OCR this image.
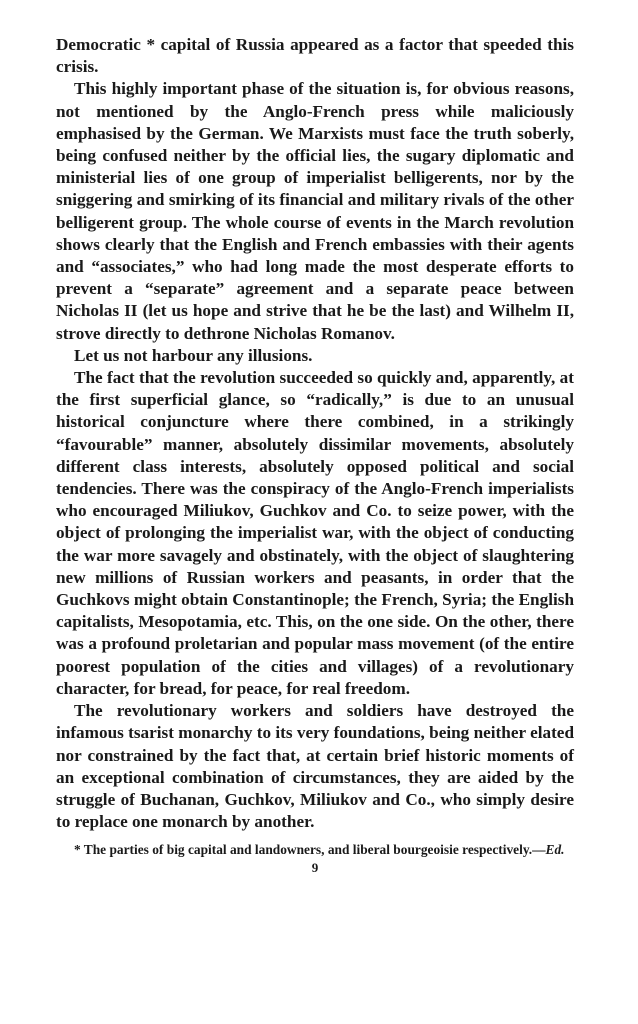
Democratic * capital of Russia appeared as a factor that speeded this crisis.

This highly important phase of the situation is, for obvious reasons, not mentioned by the Anglo-French press while maliciously emphasised by the German. We Marxists must face the truth soberly, being confused neither by the official lies, the sugary diplomatic and ministerial lies of one group of imperialist belligerents, nor by the sniggering and smirking of its financial and military rivals of the other belligerent group. The whole course of events in the March revolution shows clearly that the English and French embassies with their agents and “associates,” who had long made the most desperate efforts to prevent a “separate” agreement and a separate peace between Nicholas II (let us hope and strive that he be the last) and Wilhelm II, strove directly to dethrone Nicholas Romanov.

Let us not harbour any illusions.

The fact that the revolution succeeded so quickly and, apparently, at the first superficial glance, so “radically,” is due to an unusual historical conjuncture where there combined, in a strikingly “favourable” manner, absolutely dissimilar movements, absolutely different class interests, absolutely opposed political and social tendencies. There was the conspiracy of the Anglo-French imperialists who encouraged Miliukov, Guchkov and Co. to seize power, with the object of prolonging the imperialist war, with the object of conducting the war more savagely and obstinately, with the object of slaughtering new millions of Russian workers and peasants, in order that the Guchkovs might obtain Constantinople; the French, Syria; the English capitalists, Mesopotamia, etc. This, on the one side. On the other, there was a profound proletarian and popular mass movement (of the entire poorest population of the cities and villages) of a revolutionary character, for bread, for peace, for real freedom.

The revolutionary workers and soldiers have destroyed the infamous tsarist monarchy to its very foundations, being neither elated nor constrained by the fact that, at certain brief historic moments of an exceptional combination of circumstances, they are aided by the struggle of Buchanan, Guchkov, Miliukov and Co., who simply desire to replace one monarch by another.

* The parties of big capital and landowners, and liberal bourgeoisie respectively.—Ed.
9
